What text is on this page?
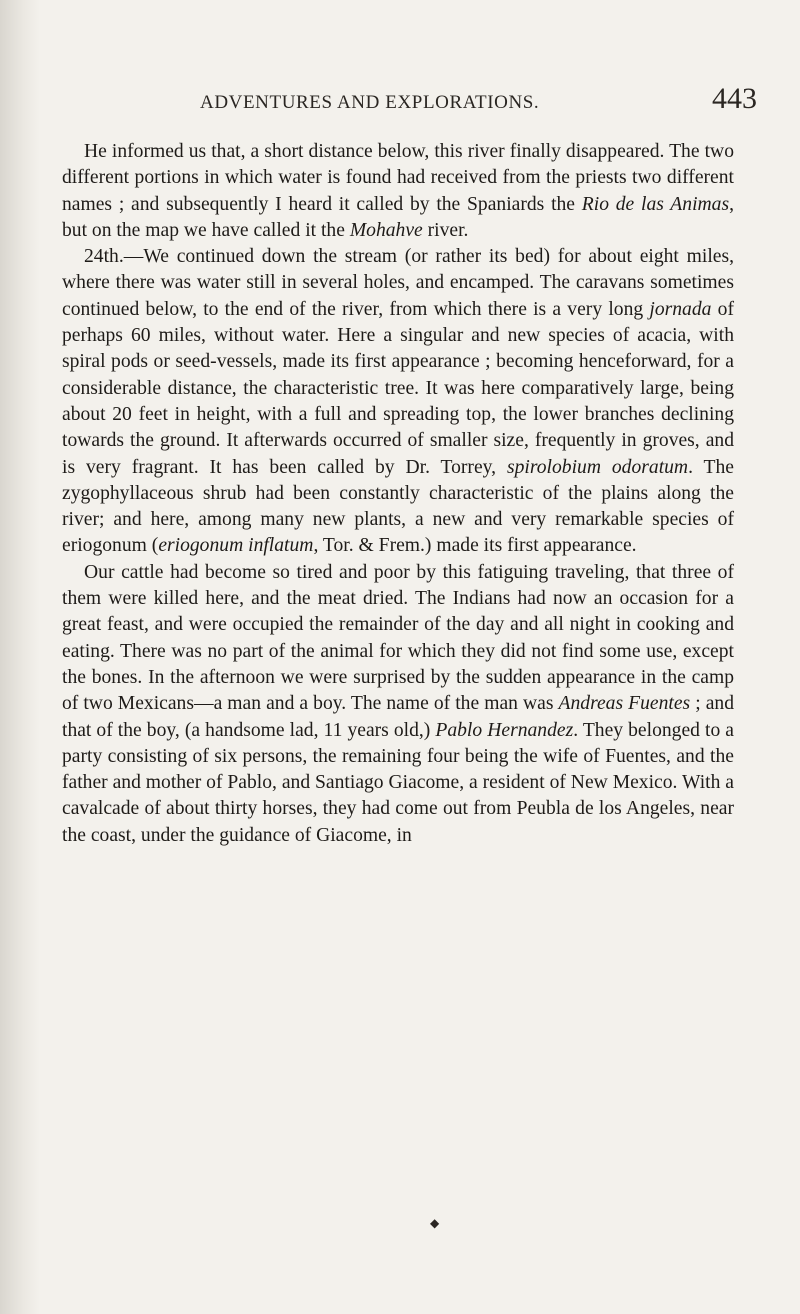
ADVENTURES AND EXPLORATIONS.	443

He informed us that, a short distance below, this river finally disappeared. The two different portions in which water is found had received from the priests two different names ; and subsequently I heard it called by the Spaniards the Rio de las Animas, but on the map we have called it the Mohahve river.

24th.—We continued down the stream (or rather its bed) for about eight miles, where there was water still in several holes, and encamped. The caravans sometimes continued below, to the end of the river, from which there is a very long jornada of perhaps 60 miles, without water. Here a singular and new species of acacia, with spiral pods or seed-vessels, made its first appearance ; becoming henceforward, for a considerable distance, the characteristic tree. It was here comparatively large, being about 20 feet in height, with a full and spreading top, the lower branches declining towards the ground. It afterwards occurred of smaller size, frequently in groves, and is very fragrant. It has been called by Dr. Torrey, spirolobium odoratum. The zygophyllaceous shrub had been constantly characteristic of the plains along the river; and here, among many new plants, a new and very remarkable species of eriogonum (eriogonum inflatum, Tor. & Frem.) made its first appearance.

Our cattle had become so tired and poor by this fatiguing traveling, that three of them were killed here, and the meat dried. The Indians had now an occasion for a great feast, and were occupied the remainder of the day and all night in cooking and eating. There was no part of the animal for which they did not find some use, except the bones. In the afternoon we were surprised by the sudden appearance in the camp of two Mexicans—a man and a boy. The name of the man was Andreas Fuentes ; and that of the boy, (a handsome lad, 11 years old,) Pablo Hernandez. They belonged to a party consisting of six persons, the remaining four being the wife of Fuentes, and the father and mother of Pablo, and Santiago Giacome, a resident of New Mexico. With a cavalcade of about thirty horses, they had come out from Peubla de los Angeles, near the coast, under the guidance of Giacome, in

◆
